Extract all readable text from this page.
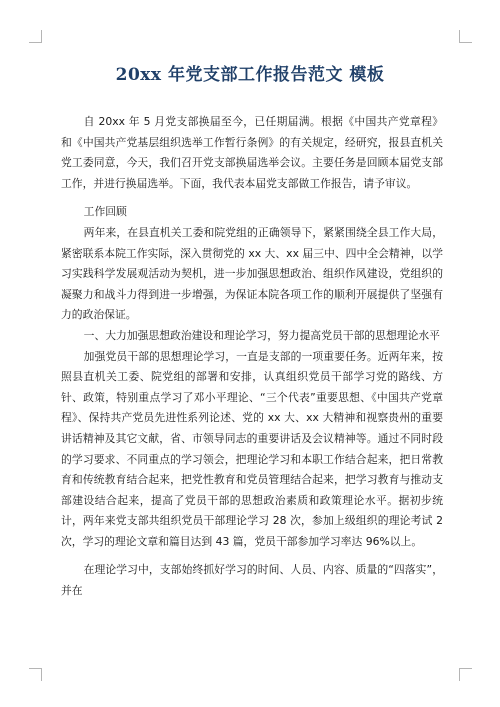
20xx 年党支部工作报告范文 模板

自 20xx 年 5 月党支部换届至今，已任期届满。根据《中国共产党章程》和《中国共产党基层组织选举工作暂行条例》的有关规定，经研究，报县直机关党工委同意，今天，我们召开党支部换届选举会议。主要任务是回顾本届党支部工作，并进行换届选举。下面，我代表本届党支部做工作报告，请予审议。

工作回顾

两年来，在县直机关工委和院党组的正确领导下，紧紧围绕全县工作大局，紧密联系本院工作实际，深入贯彻党的 xx 大、xx 届三中、四中全会精神，以学习实践科学发展观活动为契机，进一步加强思想政治、组织作风建设，党组织的凝聚力和战斗力得到进一步增强，为保证本院各项工作的顺利开展提供了坚强有力的政治保证。

一、大力加强思想政治建设和理论学习，努力提高党员干部的思想理论水平

加强党员干部的思想理论学习，一直是支部的一项重要任务。近两年来，按照县直机关工委、院党组的部署和安排，认真组织党员干部学习党的路线、方针、政策，特别重点学习了邓小平理论、“三个代表”重要思想、《中国共产党章程》、保持共产党员先进性系列论述、党的 xx 大、xx 大精神和视察贵州的重要讲话精神及其它文献，省、市领导同志的重要讲话及会议精神等。通过不同时段的学习要求、不同重点的学习领会，把理论学习和本职工作结合起来，把日常教育和传统教育结合起来，把党性教育和党员管理结合起来，把学习教育与推动支部建设结合起来，提高了党员干部的思想政治素质和政策理论水平。据初步统计，两年来党支部共组织党员干部理论学习 28 次，参加上级组织的理论考试 2 次，学习的理论文章和篇目达到 43 篇，党员干部参加学习率达 96%以上。

在理论学习中，支部始终抓好学习的时间、人员、内容、质量的“四落实”，并在
